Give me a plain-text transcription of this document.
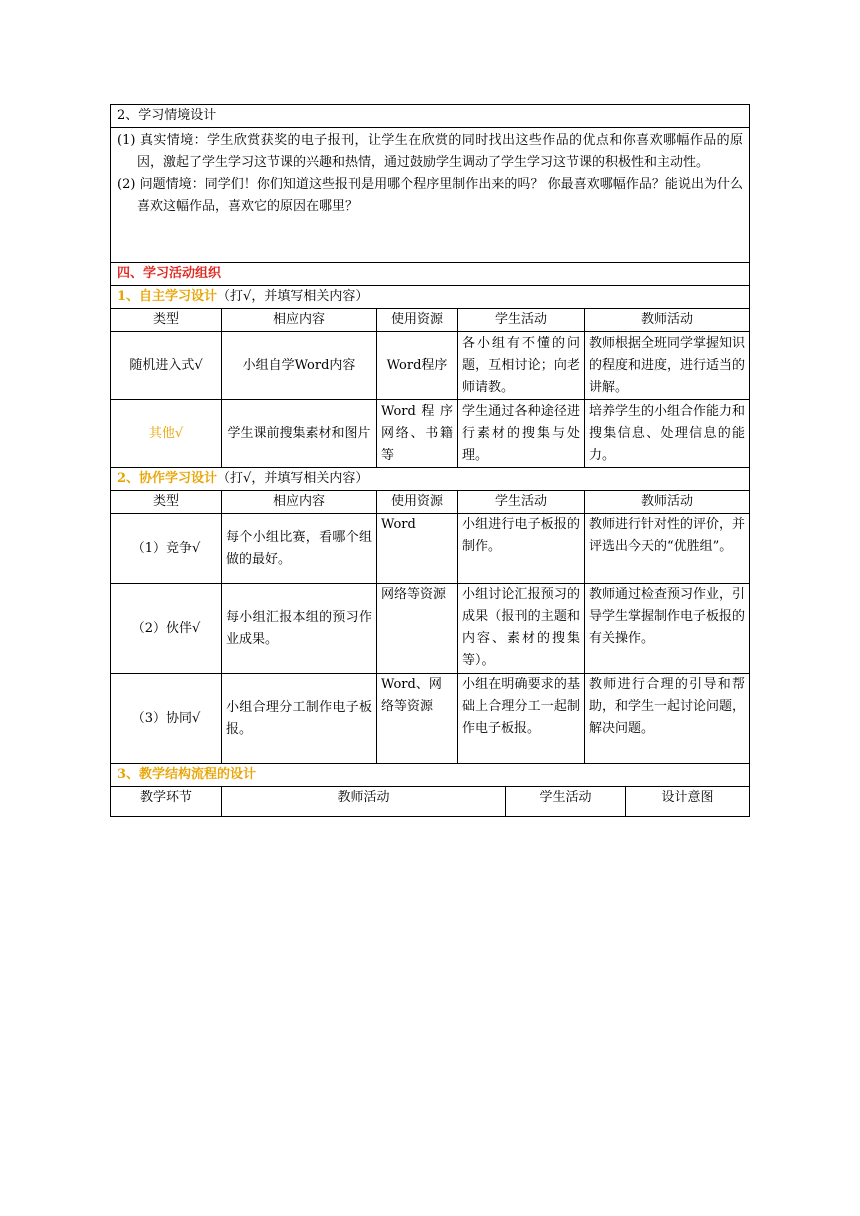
2、学习情境设计						

(1) 真实情境：学生欣赏获奖的电子报刊，让学生在欣赏的同时找出这些作品的优点和你喜欢哪幅作品的原因，激起了学生学习这节课的兴趣和热情，通过鼓励学生调动了学生学习这节课的积极性和主动性。
(2) 问题情境：同学们！你们知道这些报刊是用哪个程序里制作出来的吗？ 你最喜欢哪幅作品？能说出为什么喜欢这幅作品，喜欢它的原因在哪里？						

四、学习活动组织						
1、自主学习设计（打√，并填写相关内容）						
类型	相应内容	使用资源	学生活动		教师活动	
随机进入式√	小组自学Word内容	Word程序	各小组有不懂的问题，互相讨论；向老师请教。		教师根据全班同学掌握知识的程度和进度，进行适当的讲解。	
其他√	学生课前搜集素材和图片	Word程序网络、书籍等	学生通过各种途径进行素材的搜集与处理。		培养学生的小组合作能力和搜集信息、处理信息的能力。	
2、协作学习设计（打√，并填写相关内容）						
类型	相应内容	使用资源	学生活动		教师活动	
（1）竞争√	每个小组比赛，看哪个组做的最好。	Word	小组进行电子板报的制作。		教师进行针对性的评价，并评选出今天的“优胜组”。	
（2）伙伴√	每小组汇报本组的预习作业成果。	网络等资源	小组讨论汇报预习的成果（报刊的主题和内容、素材的搜集等）。		教师通过检查预习作业，引导学生掌握制作电子板报的有关操作。	
（3）协同√	小组合理分工制作电子板报。	Word、网络等资源	小组在明确要求的基础上合理分工一起制作电子板报。		教师进行合理的引导和帮助，和学生一起讨论问题，解决问题。	
3、教学结构流程的设计						
教学环节	教师活动			学生活动		设计意图
